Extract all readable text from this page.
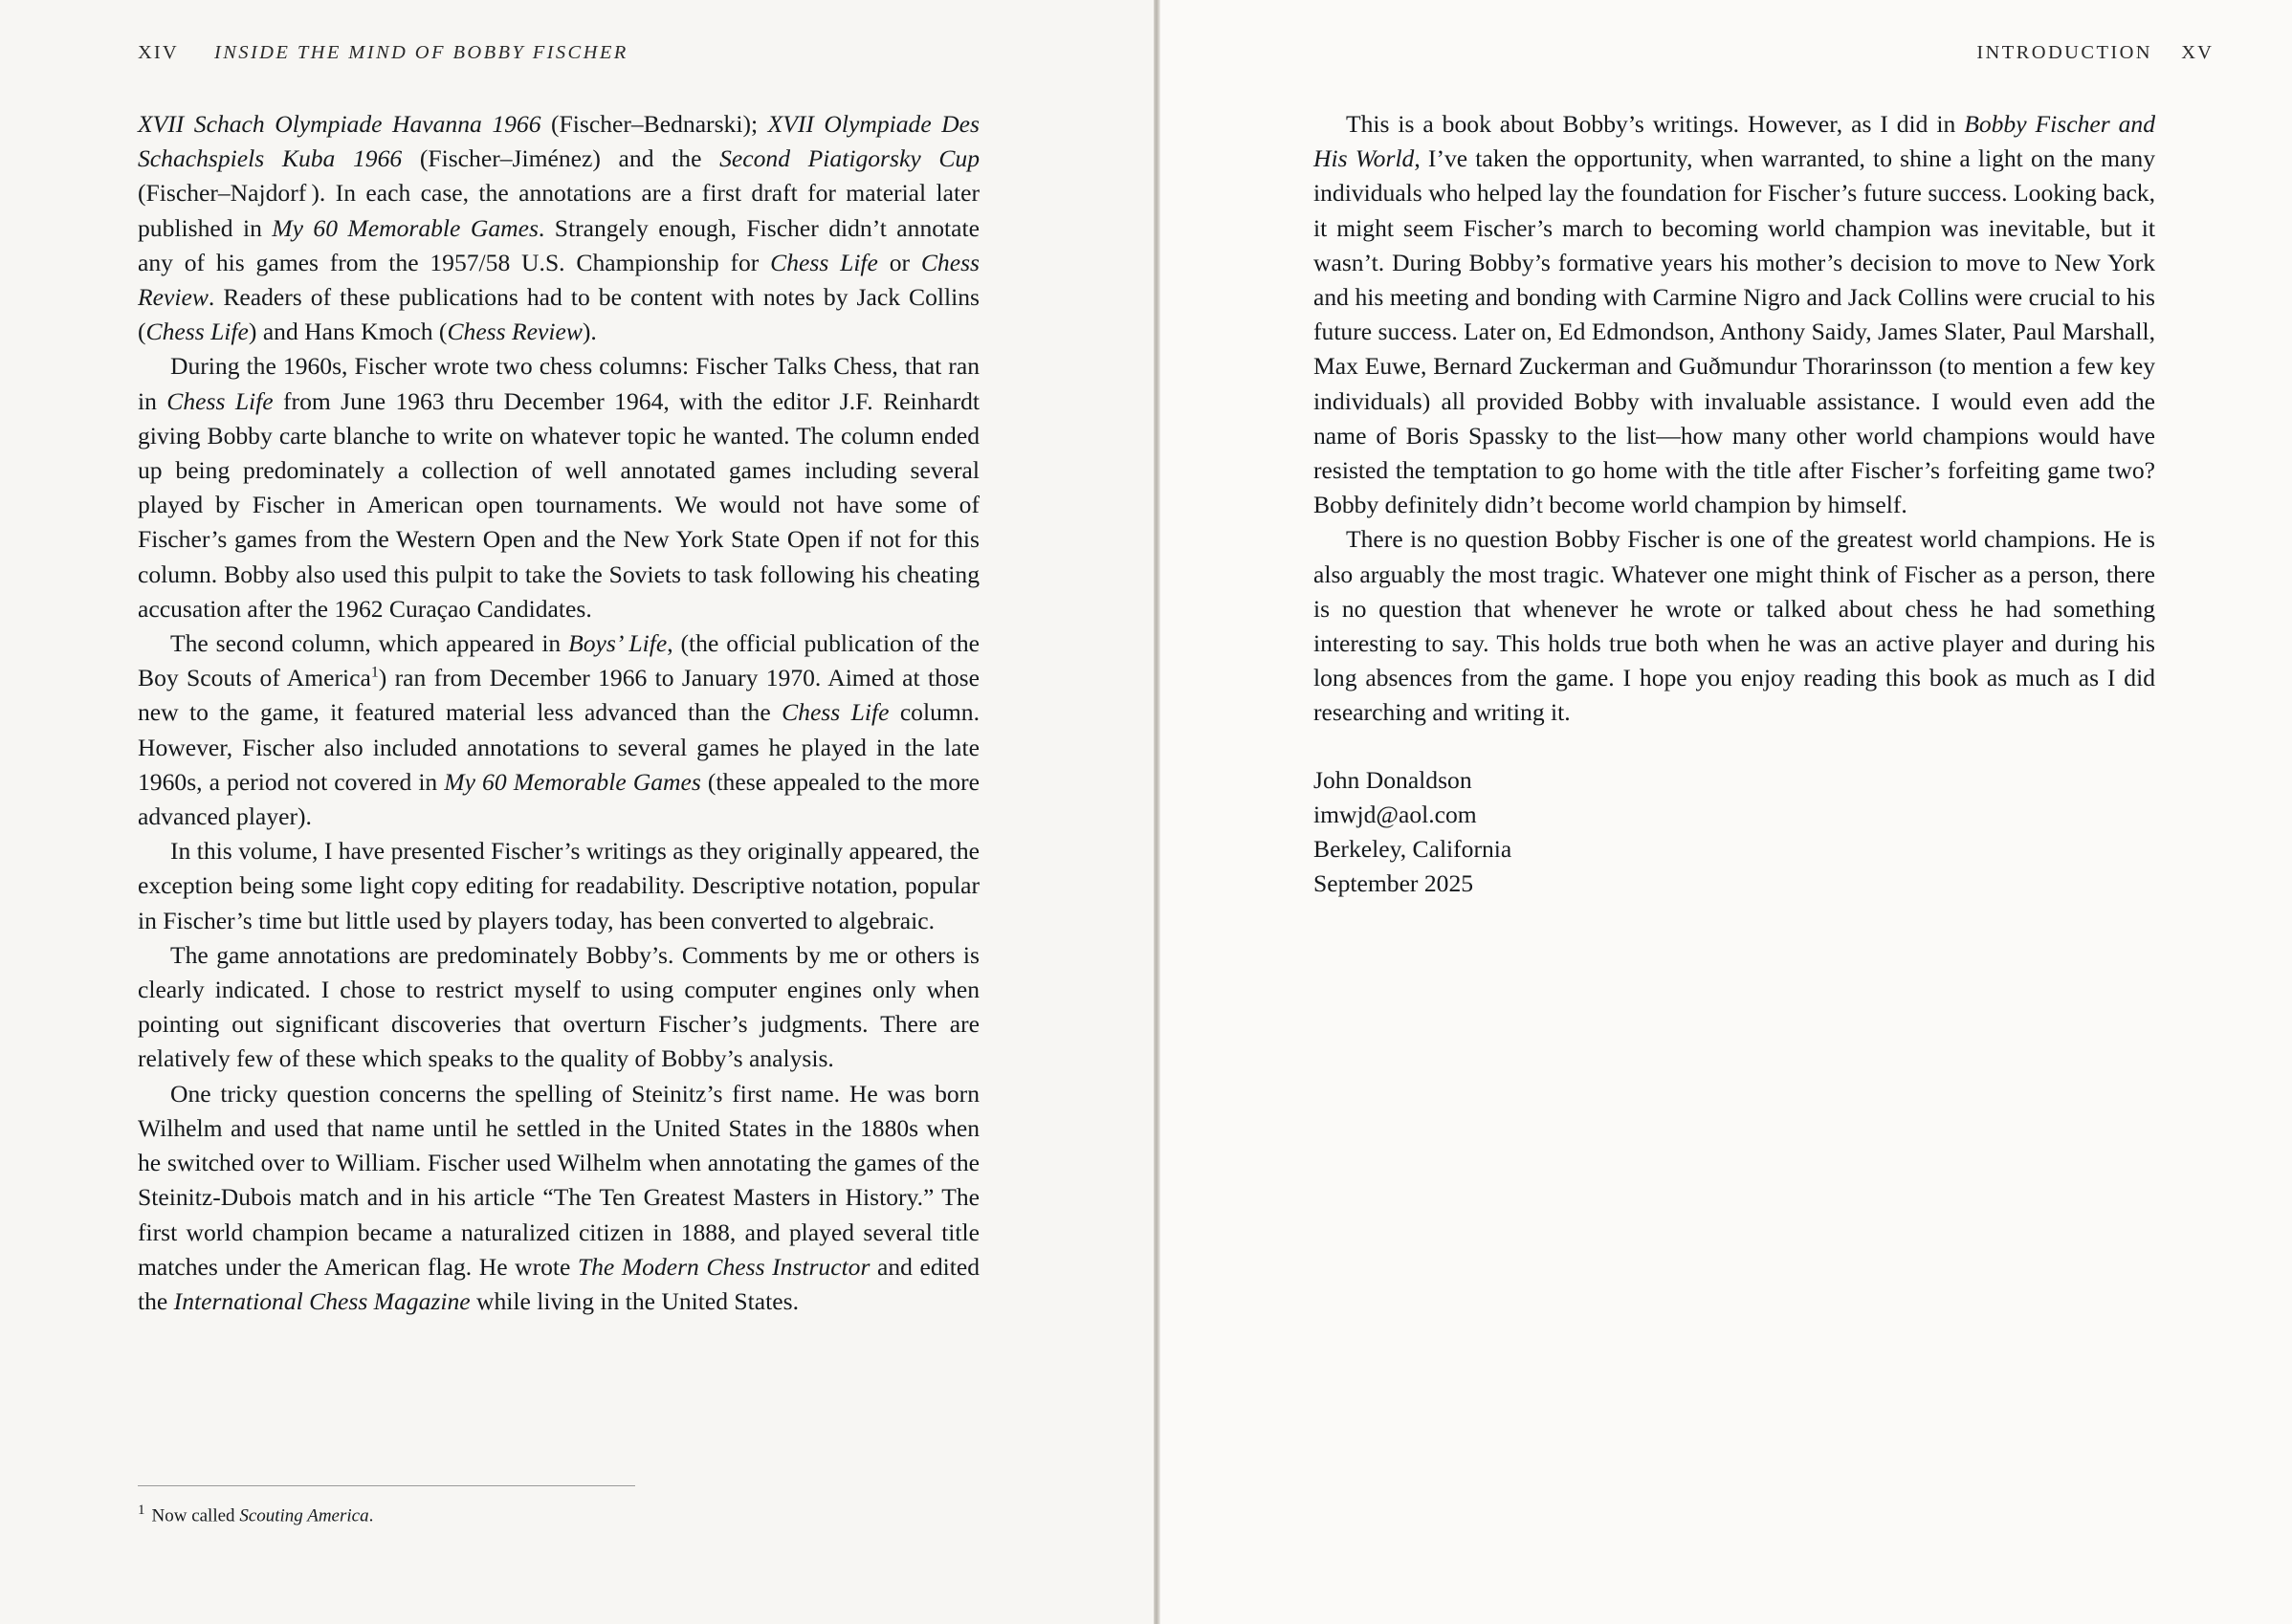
XIV INSIDE THE MIND OF BOBBY FISCHER

XVII Schach Olympiade Havanna 1966 (Fischer–Bednarski); XVII Olympiade Des Schachspiels Kuba 1966 (Fischer–Jiménez) and the Second Piatigorsky Cup (Fischer–Najdorf ). In each case, the annotations are a first draft for material later published in My 60 Memorable Games. Strangely enough, Fischer didn’t annotate any of his games from the 1957/58 U.S. Championship for Chess Life or Chess Review. Readers of these publications had to be content with notes by Jack Collins (Chess Life) and Hans Kmoch (Chess Review).

During the 1960s, Fischer wrote two chess columns: Fischer Talks Chess, that ran in Chess Life from June 1963 thru December 1964, with the editor J.F. Reinhardt giving Bobby carte blanche to write on whatever topic he wanted. The column ended up being predominately a collection of well annotated games including several played by Fischer in American open tournaments. We would not have some of Fischer’s games from the Western Open and the New York State Open if not for this column. Bobby also used this pulpit to take the Soviets to task following his cheating accusation after the 1962 Curaçao Candidates.

The second column, which appeared in Boys’ Life, (the official publication of the Boy Scouts of America$^1$) ran from December 1966 to January 1970. Aimed at those new to the game, it featured material less advanced than the Chess Life column. However, Fischer also included annotations to several games he played in the late 1960s, a period not covered in My 60 Memorable Games (these appealed to the more advanced player).

In this volume, I have presented Fischer’s writings as they originally appeared, the exception being some light copy editing for readability. Descriptive notation, popular in Fischer’s time but little used by players today, has been converted to algebraic.

The game annotations are predominately Bobby’s. Comments by me or others is clearly indicated. I chose to restrict myself to using computer engines only when pointing out significant discoveries that overturn Fischer’s judgments. There are relatively few of these which speaks to the quality of Bobby’s analysis.

One tricky question concerns the spelling of Steinitz’s first name. He was born Wilhelm and used that name until he settled in the United States in the 1880s when he switched over to William. Fischer used Wilhelm when annotating the games of the Steinitz-Dubois match and in his article “The Ten Greatest Masters in History.” The first world champion became a naturalized citizen in 1888, and played several title matches under the American flag. He wrote The Modern Chess Instructor and edited the International Chess Magazine while living in the United States.

$^1$ Now called Scouting America.
INTRODUCTION XV

This is a book about Bobby’s writings. However, as I did in Bobby Fischer and His World, I’ve taken the opportunity, when warranted, to shine a light on the many individuals who helped lay the foundation for Fischer’s future success. Looking back, it might seem Fischer’s march to becoming world champion was inevitable, but it wasn’t. During Bobby’s formative years his mother’s decision to move to New York and his meeting and bonding with Carmine Nigro and Jack Collins were crucial to his future success. Later on, Ed Edmondson, Anthony Saidy, James Slater, Paul Marshall, Max Euwe, Bernard Zuckerman and Guðmundur Thorarinsson (to mention a few key individuals) all provided Bobby with invaluable assistance. I would even add the name of Boris Spassky to the list—how many other world champions would have resisted the temptation to go home with the title after Fischer’s forfeiting game two? Bobby definitely didn’t become world champion by himself.

There is no question Bobby Fischer is one of the greatest world champions. He is also arguably the most tragic. Whatever one might think of Fischer as a person, there is no question that whenever he wrote or talked about chess he had something interesting to say. This holds true both when he was an active player and during his long absences from the game. I hope you enjoy reading this book as much as I did researching and writing it.

John Donaldson
imwjd@aol.com
Berkeley, California
September 2025
